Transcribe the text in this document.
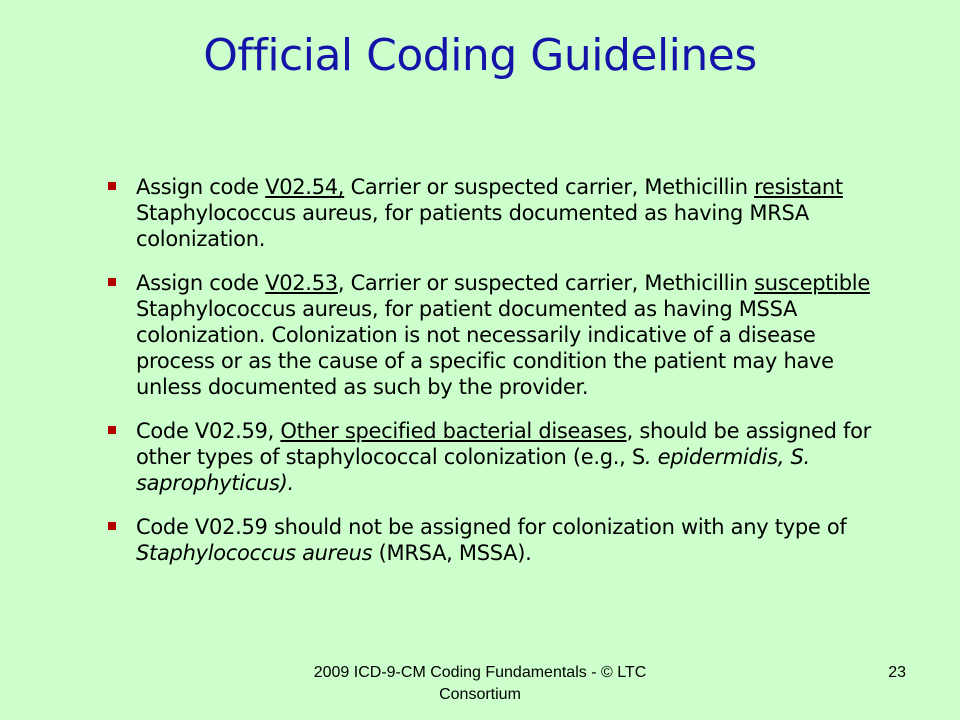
Official Coding Guidelines
Assign code V02.54, Carrier or suspected carrier, Methicillin resistant Staphylococcus aureus, for patients documented as having MRSA colonization.
Assign code V02.53, Carrier or suspected carrier, Methicillin susceptible Staphylococcus aureus, for patient documented as having MSSA colonization. Colonization is not necessarily indicative of a disease process or as the cause of a specific condition the patient may have unless documented as such by the provider.
Code V02.59, Other specified bacterial diseases, should be assigned for other types of staphylococcal colonization (e.g., S. epidermidis, S. saprophyticus).
Code V02.59 should not be assigned for colonization with any type of Staphylococcus aureus (MRSA, MSSA).
2009 ICD-9-CM Coding Fundamentals - © LTC Consortium
23
